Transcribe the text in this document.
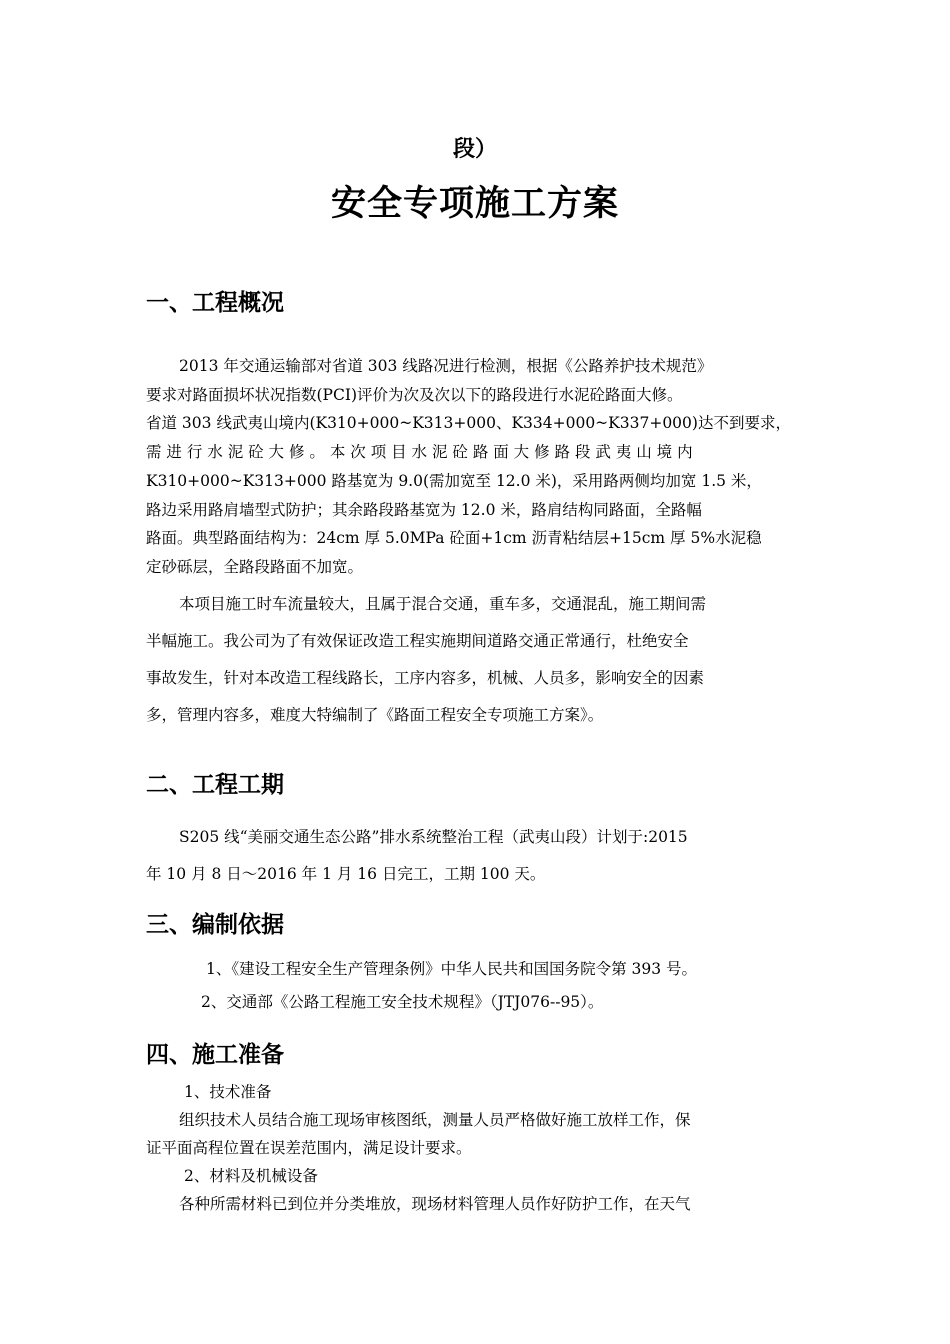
段）
安全专项施工方案
一、工程概况
2013 年交通运输部对省道 303 线路况进行检测，根据《公路养护技术规范》
要求对路面损坏状况指数(PCI)评价为次及次以下的路段进行水泥砼路面大修。
省道 303 线武夷山境内(K310+000~K313+000、K334+000~K337+000)达不到要求，
需 进 行 水 泥 砼 大 修 。 本 次 项 目 水 泥 砼 路 面 大 修 路 段 武 夷 山 境 内
K310+000~K313+000 路基宽为 9.0(需加宽至 12.0 米)，采用路两侧均加宽 1.5 米，
路边采用路肩墙型式防护；其余路段路基宽为 12.0 米，路肩结构同路面，全路幅
路面。典型路面结构为：24cm 厚 5.0MPa 砼面+1cm 沥青粘结层+15cm 厚 5%水泥稳
定砂砾层，全路段路面不加宽。
本项目施工时车流量较大，且属于混合交通，重车多，交通混乱，施工期间需
半幅施工。我公司为了有效保证改造工程实施期间道路交通正常通行，杜绝安全
事故发生，针对本改造工程线路长，工序内容多，机械、人员多，影响安全的因素
多，管理内容多，难度大特编制了《路面工程安全专项施工方案》。
二、工程工期
S205 线“美丽交通生态公路”排水系统整治工程（武夷山段）计划于:2015
年 10 月 8 日～2016 年 1 月 16 日完工，工期 100 天。
三、编制依据
1、《建设工程安全生产管理条例》中华人民共和国国务院令第 393 号。
2、交通部《公路工程施工安全技术规程》（JTJ076--95）。
四、施工准备
1、技术准备
组织技术人员结合施工现场审核图纸，测量人员严格做好施工放样工作，保
证平面高程位置在误差范围内，满足设计要求。
2、材料及机械设备
各种所需材料已到位并分类堆放，现场材料管理人员作好防护工作，在天气
